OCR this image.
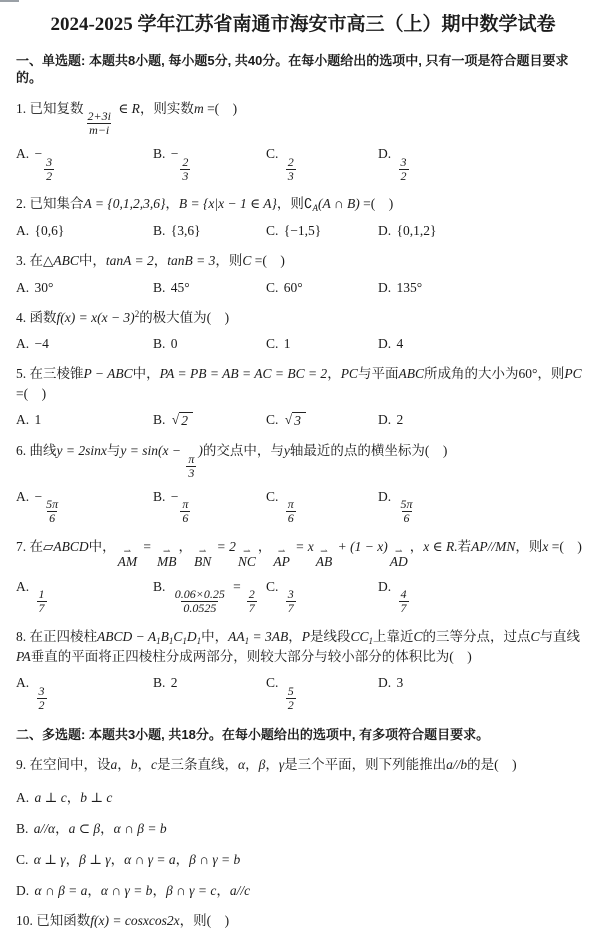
2024-2025 学年江苏省南通市海安市高三（上）期中数学试卷
一、单选题: 本题共8小题, 每小题5分, 共40分。在每小题给出的选项中, 只有一项是符合题目要求的。
1. 已知复数
$\frac{2+3i}{m-i}$
∈ R，则实数m =(　)
A. −
$\frac{3}{2}$
B. −
$\frac{2}{3}$
C.
$\frac{2}{3}$
D.
$\frac{3}{2}$
2. 已知集合A = {0,1,2,3,6}，B = {x|x − 1 ∈ A}，则$∁_A(A$ ∩ B) =(　)
A. {0,6}	B. {3,6}	C. {−1,5}	D. {0,1,2}
3. 在△ABC中，tanA = 2，tanB = 3，则C =(　)
A. 30°	B. 45°	C. 60°	D. 135°
4. 函数$f(x) = x(x - 3)^2$的极大值为(　)
A. −4	B. 0	C. 1	D. 4
5. 在三棱锥P − ABC中，PA = PB = AB = AC = BC = 2，PC与平面ABC所成角的大小为60°，则PC =(　)
A. 1	B. √ 2	C. √ 3	D. 2
6. 曲线y = 2sinx与y = sin(x −
$\frac{\pi}{3}$
)的交点中，与y轴最近的点的横坐标为(　)
A. −
$\frac{5\pi}{6}$
B. −
$\frac{\pi}{6}$
C.
$\frac{\pi}{6}$
D.
$\frac{5\pi}{6}$
7. 在▱ABCD中， ⇀
AM
= ⇀
MB
， ⇀
BN
= 2 ⇀
NC
， ⇀
AP
= x ⇀
AB
+ (1 − x) ⇀
AD
，x ∈ R.若AP//MN，则x =(　)
A.
$\frac{1}{7}$
B.
$\frac{0.06\times 0.25}{0.0525}$
=
$\frac{2}{7}$
C.
$\frac{3}{7}$
D.
$\frac{4}{7}$
8. 在正四棱柱ABCD − $A_1B_1C_1D_1$中，$AA_1 = 3AB$，P是线段$CC_1$上靠近C的三等分点，过点C与直线PA垂直的平面将正四棱柱分成两部分，则较大部分与较小部分的体积比为(　)
A.
$\frac{3}{2}$
B. 2	C.
$\frac{5}{2}$
D. 3
二、多选题: 本题共3小题, 共18分。在每小题给出的选项中, 有多项符合题目要求。
9. 在空间中，设a，b，c是三条直线，α，β，γ是三个平面，则下列能推出a//b的是(　)
A. a ⊥ c，b ⊥ c
B. a//α，a ⊂ β，α ∩ β = b
C. α ⊥ γ，β ⊥ γ，α ∩ γ = a，β ∩ γ = b
D. α ∩ β = a，α ∩ γ = b，β ∩ γ = c，a//c
10. 已知函数f(x) = cosxcos2x，则(　)
